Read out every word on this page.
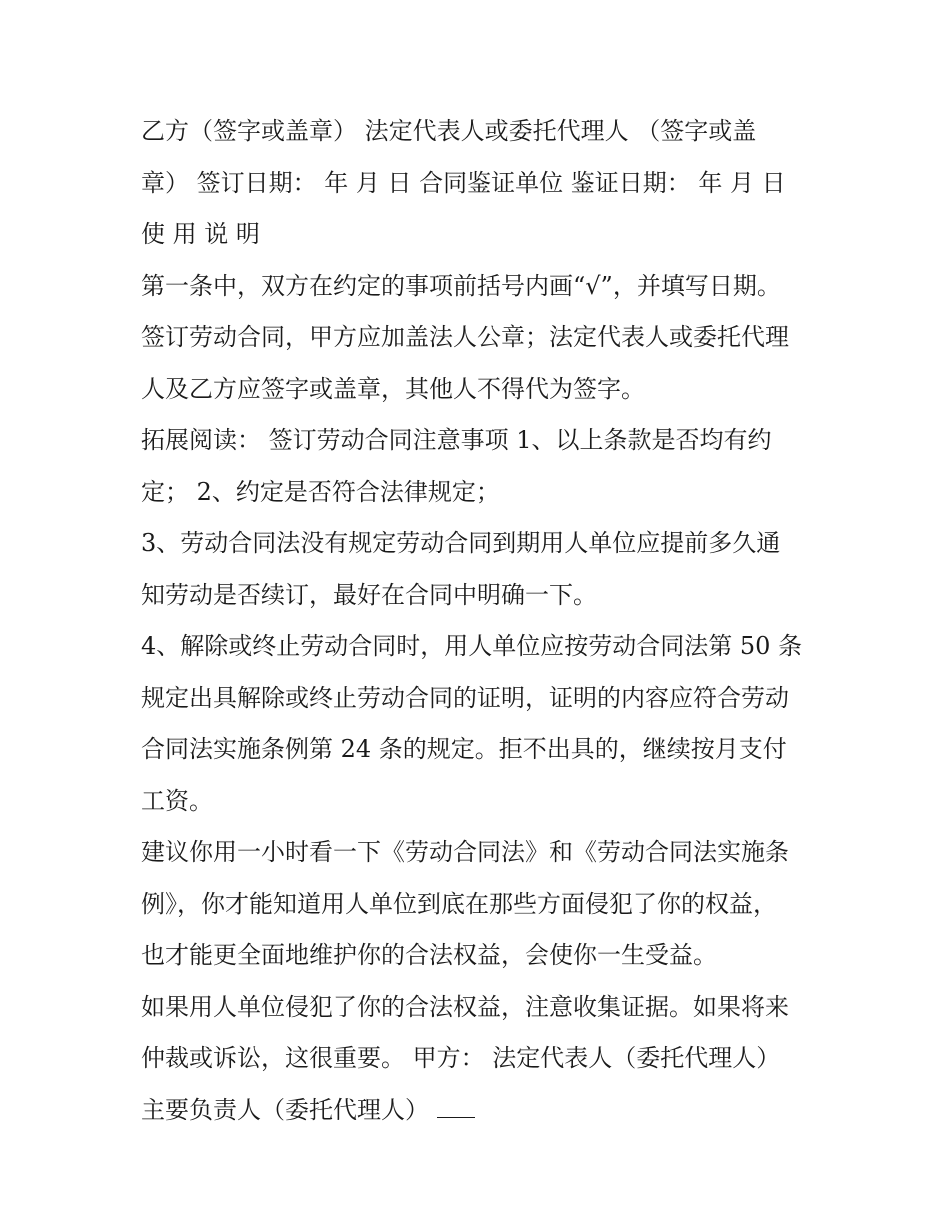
乙方（签字或盖章） 法定代表人或委托代理人 （签字或盖
章） 签订日期： 年 月 日 合同鉴证单位 鉴证日期： 年 月 日
使 用 说 明
第一条中，双方在约定的事项前括号内画“√”，并填写日期。
签订劳动合同，甲方应加盖法人公章；法定代表人或委托代理
人及乙方应签字或盖章，其他人不得代为签字。
拓展阅读： 签订劳动合同注意事项 1、以上条款是否均有约
定； 2、约定是否符合法律规定；
3、劳动合同法没有规定劳动合同到期用人单位应提前多久通
知劳动是否续订，最好在合同中明确一下。
4、解除或终止劳动合同时，用人单位应按劳动合同法第 50 条
规定出具解除或终止劳动合同的证明，证明的内容应符合劳动
合同法实施条例第 24 条的规定。拒不出具的，继续按月支付
工资。
建议你用一小时看一下《劳动合同法》和《劳动合同法实施条
例》，你才能知道用人单位到底在那些方面侵犯了你的权益，
也才能更全面地维护你的合法权益，会使你一生受益。
如果用人单位侵犯了你的合法权益，注意收集证据。如果将来
仲裁或诉讼，这很重要。 甲方： 法定代表人（委托代理人）
主要负责人（委托代理人）
